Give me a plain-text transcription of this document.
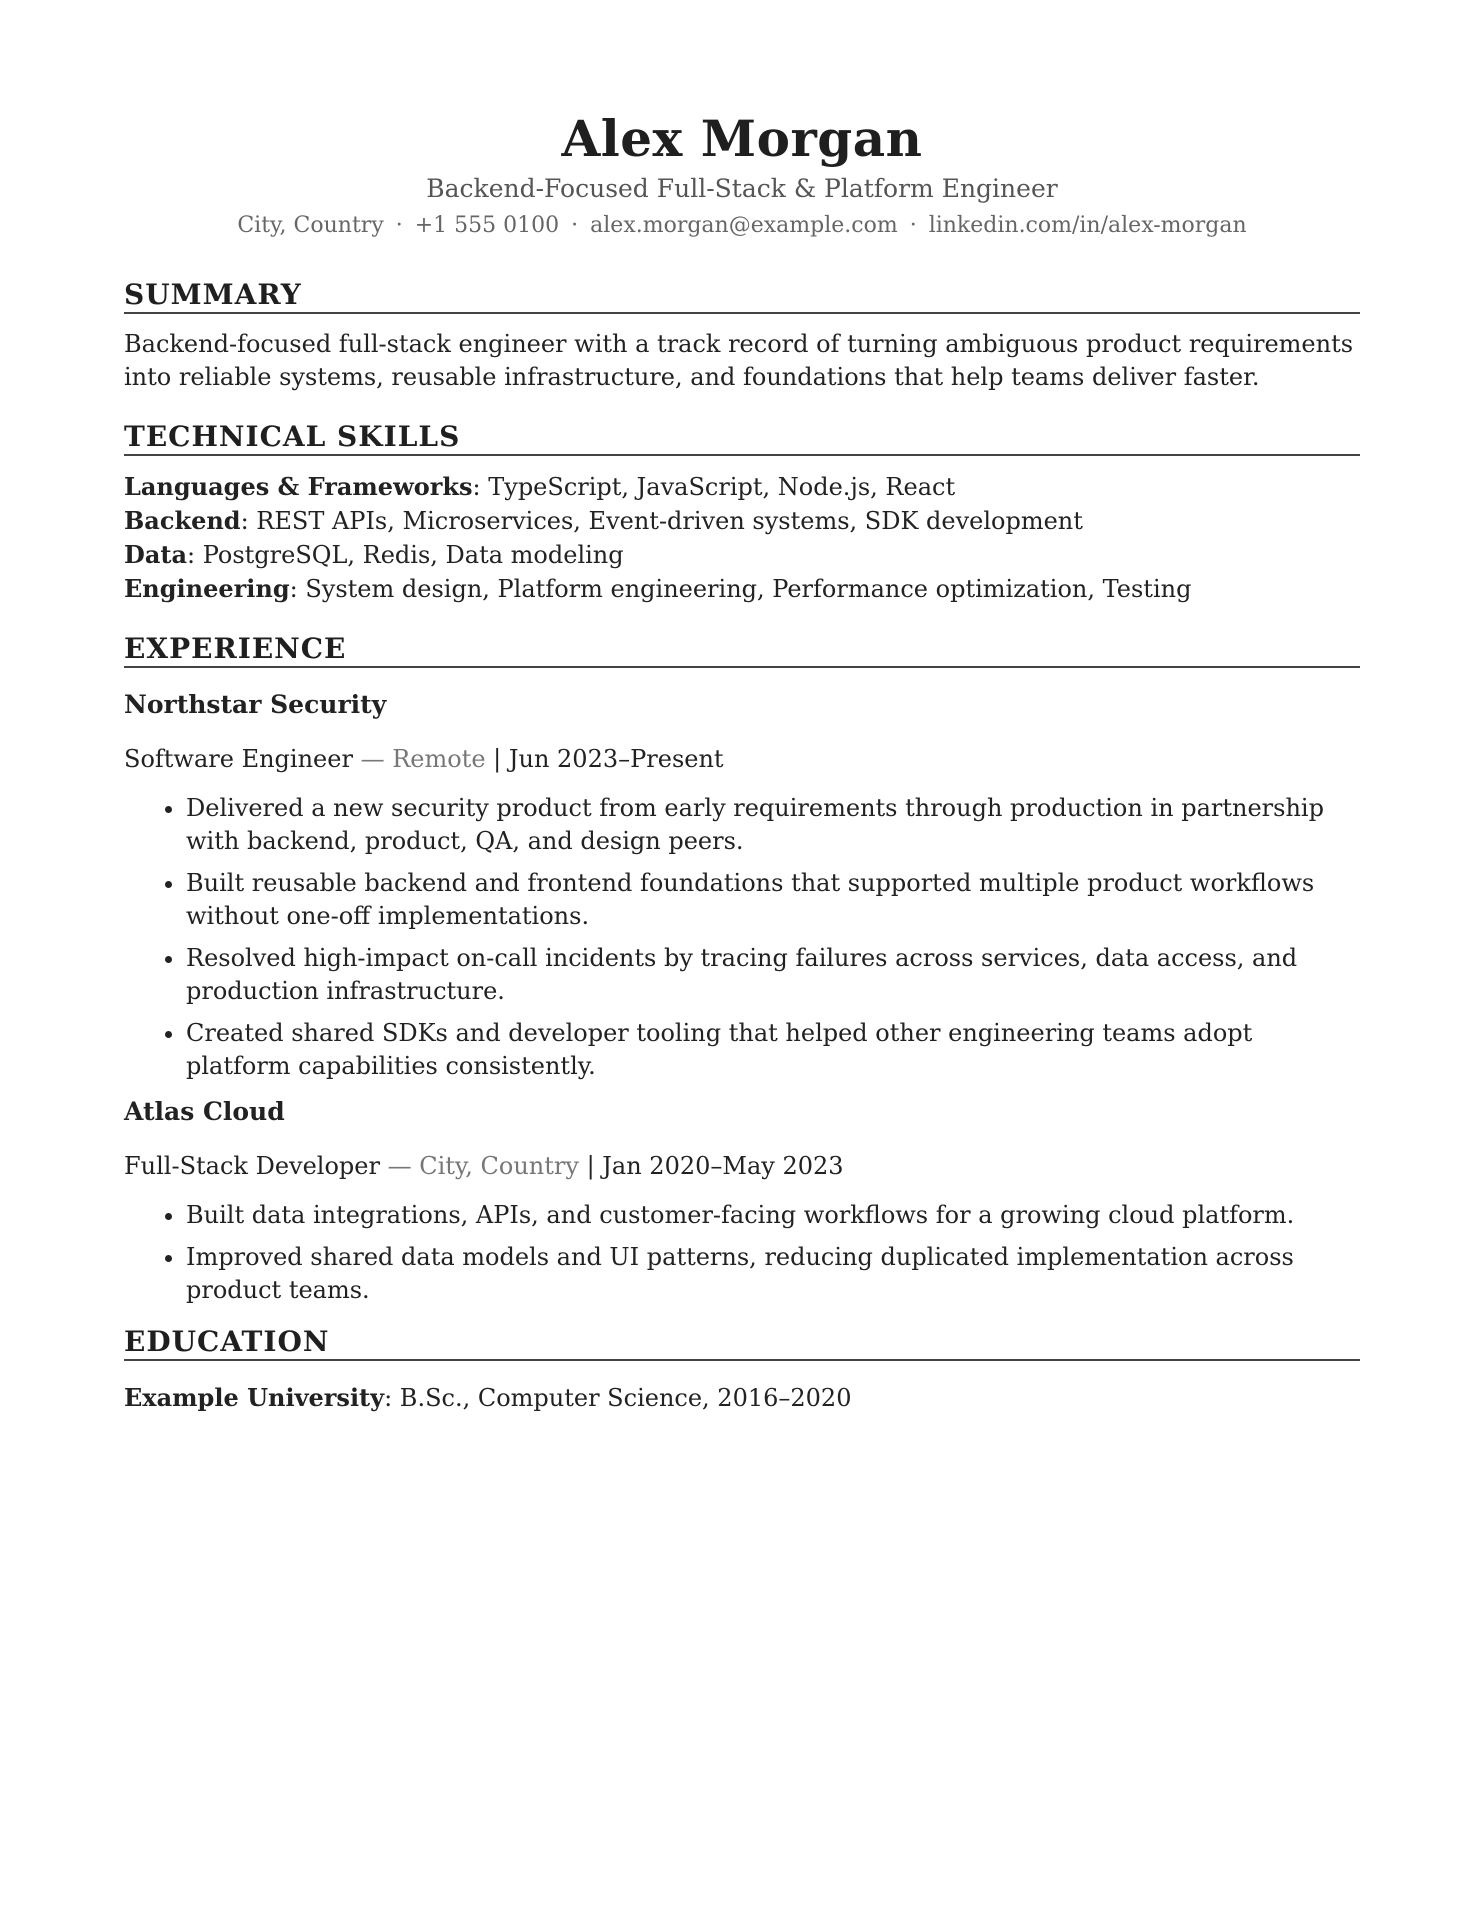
Alex Morgan
Backend-Focused Full-Stack & Platform Engineer
City, Country · +1 555 0100 · alex.morgan@example.com · linkedin.com/in/alex-morgan
SUMMARY
Backend-focused full-stack engineer with a track record of turning ambiguous product requirements into reliable systems, reusable infrastructure, and foundations that help teams deliver faster.
TECHNICAL SKILLS
Languages & Frameworks: TypeScript, JavaScript, Node.js, React
Backend: REST APIs, Microservices, Event-driven systems, SDK development
Data: PostgreSQL, Redis, Data modeling
Engineering: System design, Platform engineering, Performance optimization, Testing
EXPERIENCE
Northstar Security
Software Engineer — Remote | Jun 2023–Present
• Delivered a new security product from early requirements through production in partnership with backend, product, QA, and design peers.
• Built reusable backend and frontend foundations that supported multiple product workflows without one-off implementations.
• Resolved high-impact on-call incidents by tracing failures across services, data access, and production infrastructure.
• Created shared SDKs and developer tooling that helped other engineering teams adopt platform capabilities consistently.
Atlas Cloud
Full-Stack Developer — City, Country | Jan 2020–May 2023
• Built data integrations, APIs, and customer-facing workflows for a growing cloud platform.
• Improved shared data models and UI patterns, reducing duplicated implementation across product teams.
EDUCATION
Example University: B.Sc., Computer Science, 2016–2020
